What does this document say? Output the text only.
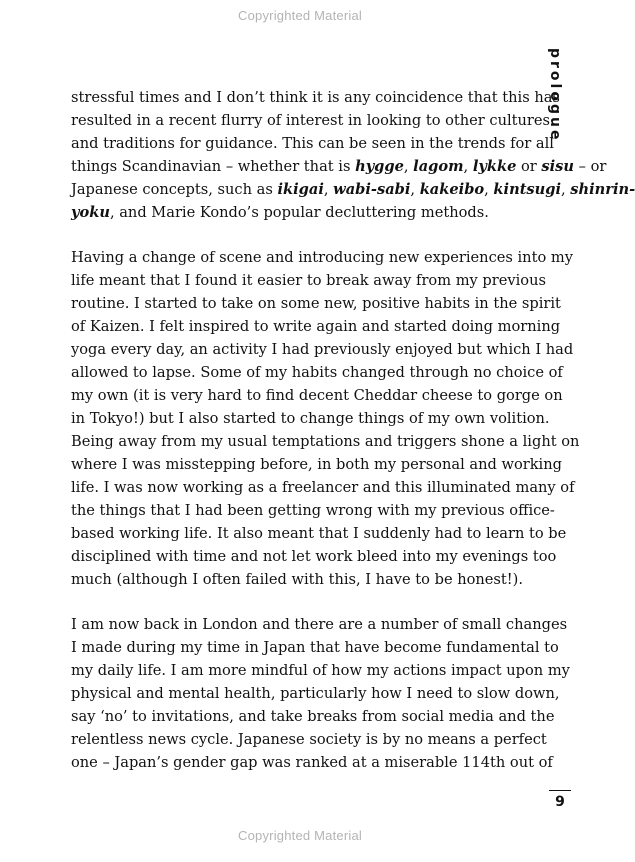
Copyrighted Material
prologue
stressful times and I don’t think it is any coincidence that this has
resulted in a recent flurry of interest in looking to other cultures
and traditions for guidance. This can be seen in the trends for all
things Scandinavian – whether that is hygge, lagom, lykke or sisu – or
Japanese concepts, such as ikigai, wabi-sabi, kakeibo, kintsugi, shinrin-
yoku, and Marie Kondo’s popular decluttering methods.
Having a change of scene and introducing new experiences into my
life meant that I found it easier to break away from my previous
routine. I started to take on some new, positive habits in the spirit
of Kaizen. I felt inspired to write again and started doing morning
yoga every day, an activity I had previously enjoyed but which I had
allowed to lapse. Some of my habits changed through no choice of
my own (it is very hard to find decent Cheddar cheese to gorge on
in Tokyo!) but I also started to change things of my own volition.
Being away from my usual temptations and triggers shone a light on
where I was misstepping before, in both my personal and working
life. I was now working as a freelancer and this illuminated many of
the things that I had been getting wrong with my previous office-
based working life. It also meant that I suddenly had to learn to be
disciplined with time and not let work bleed into my evenings too
much (although I often failed with this, I have to be honest!).
I am now back in London and there are a number of small changes
I made during my time in Japan that have become fundamental to
my daily life. I am more mindful of how my actions impact upon my
physical and mental health, particularly how I need to slow down,
say ‘no’ to invitations, and take breaks from social media and the
relentless news cycle. Japanese society is by no means a perfect
one – Japan’s gender gap was ranked at a miserable 114th out of
9
Copyrighted Material
